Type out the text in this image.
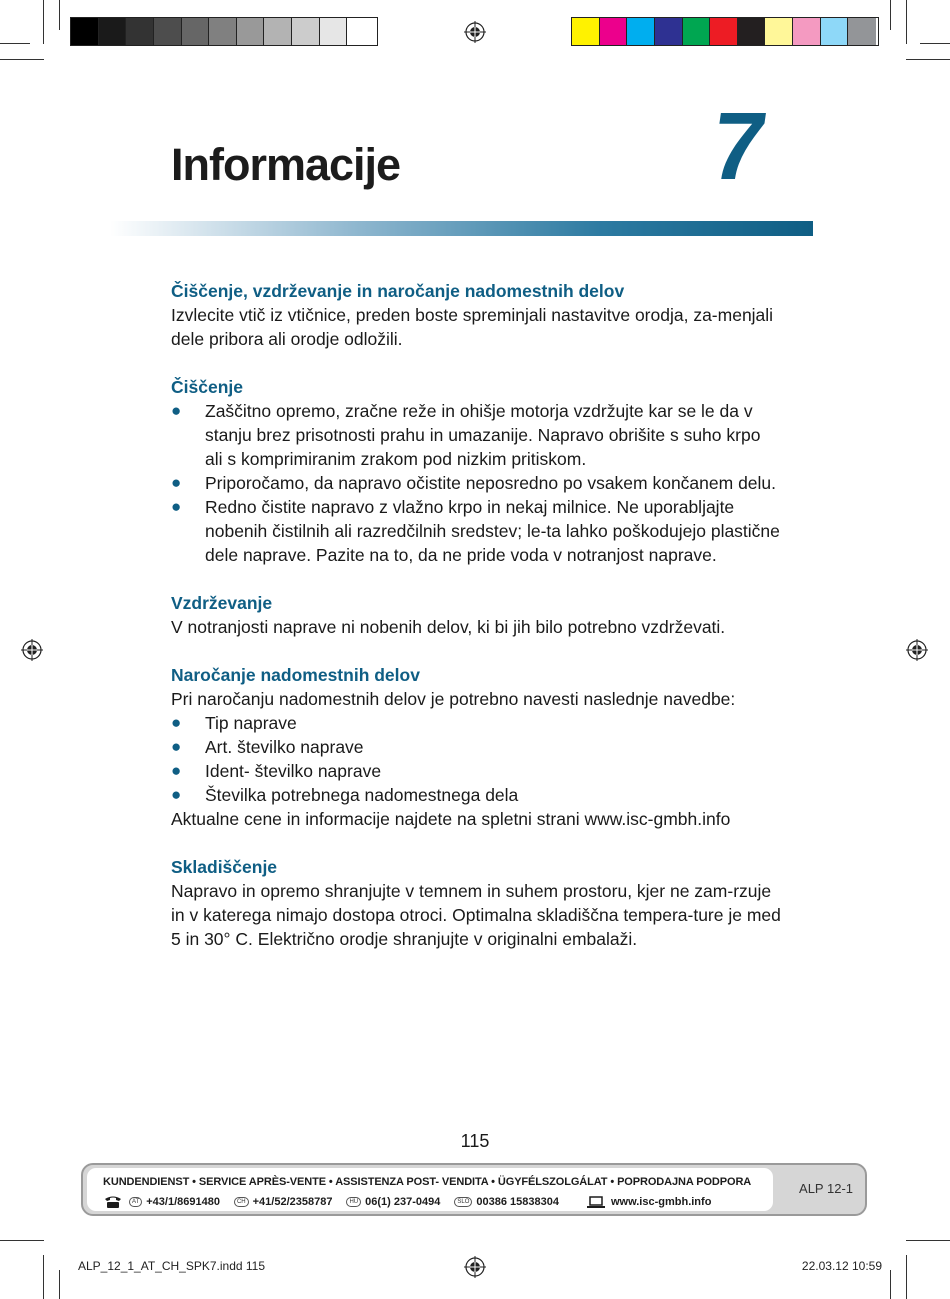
Informacije	7
Čiščenje, vzdrževanje in naročanje nadomestnih delov

Izvlecite vtič iz vtičnice, preden boste spreminjali nastavitve orodja, za-menjali dele pribora ali orodje odložili.

Čiščenje
● Zaščitno opremo, zračne reže in ohišje motorja vzdržujte kar se le da v stanju brez prisotnosti prahu in umazanije. Napravo obrišite s suho krpo ali s komprimiranim zrakom pod nizkim pritiskom.
● Priporočamo, da napravo očistite neposredno po vsakem končanem delu.
● Redno čistite napravo z vlažno krpo in nekaj milnice. Ne uporabljajte nobenih čistilnih ali razredčilnih sredstev; le-ta lahko poškodujejo plastične dele naprave. Pazite na to, da ne pride voda v notranjost naprave.
Vzdrževanje

V notranjosti naprave ni nobenih delov, ki bi jih bilo potrebno vzdrževati.

Naročanje nadomestnih delov

Pri naročanju nadomestnih delov je potrebno navesti naslednje navedbe:

● Tip naprave
● Art. številko naprave
● Ident- številko naprave
● Številka potrebnega nadomestnega dela

Aktualne cene in informacije najdete na spletni strani www.isc-gmbh.info

Skladiščenje

Napravo in opremo shranjujte v temnem in suhem prostoru, kjer ne zam-rzuje in v katerega nimajo dostopa otroci. Optimalna skladiščna tempera-ture je med 5 in 30° C. Električno orodje shranjujte v originalni embalaži.

115
KUNDENDIENST • SERVICE APRÈS-VENTE • ASSISTENZA POST- VENDITA • ÜGYFÉLSZOLGÁLAT • POPRODAJNA PODPORA
AT +43/1/8691480	CH +41/52/2358787	HU 06(1) 237-0494	SLO 00386 15838304	www.isc-gmbh.info
ALP 12-1
ALP_12_1_AT_CH_SPK7.indd 115	22.03.12 10:59
